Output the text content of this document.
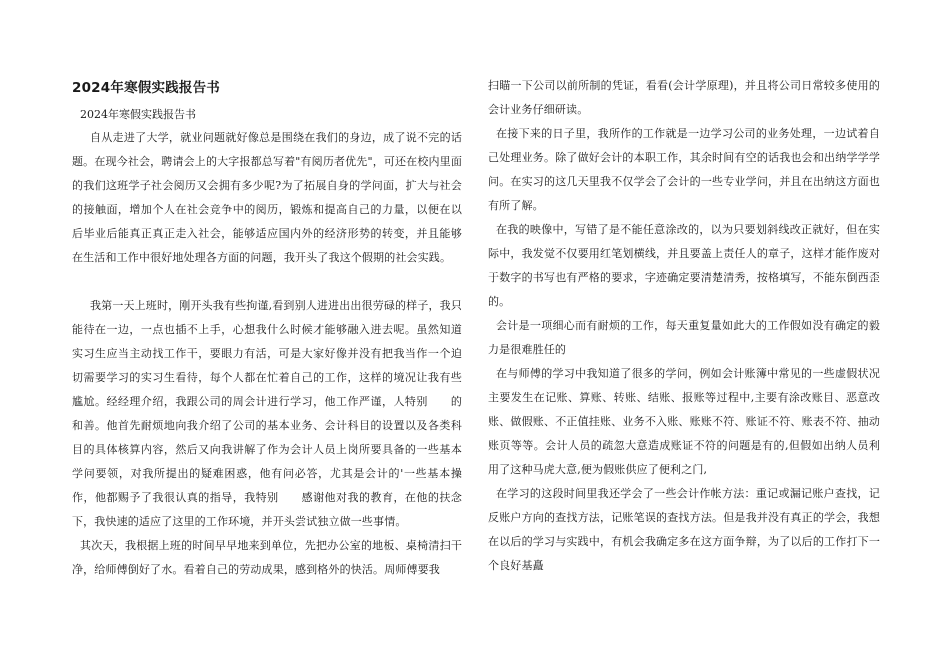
2024年寒假实践报告书

2024年寒假实践报告书

自从走进了大学，就业问题就好像总是围绕在我们的身边，成了说不完的话题。在现今社会，聘请会上的大字报都总写着"有阅历者优先"，可还在校内里面的我们这班学子社会阅历又会拥有多少呢?为了拓展自身的学问面，扩大与社会的接触面，增加个人在社会竞争中的阅历，锻炼和提高自己的力量，以便在以后毕业后能真正真正走入社会，能够适应国内外的经济形势的转变，并且能够在生活和工作中很好地处理各方面的问题，我开头了我这个假期的社会实践。

我第一天上班时，刚开头我有些拘谨,看到别人进进出出很劳碌的样子，我只能待在一边，一点也插不上手，心想我什么时候才能够融入进去呢。虽然知道实习生应当主动找工作干，要眼力有活，可是大家好像并没有把我当作一个迫切需要学习的实习生看待，每个人都在忙着自己的工作，这样的境况让我有些尴尬。经经理介绍，我跟公司的周会计进行学习，他工作严谨，人特别　　的和善。他首先耐烦地向我介绍了公司的基本业务、会计科目的设置以及各类科目的具体核算内容，然后又向我讲解了作为会计人员上岗所要具备的一些基本学问要领，对我所提出的疑难困惑，他有问必答，尤其是会计的'一些基本操作，他都赐予了我很认真的指导，我特别　　感谢他对我的教育，在他的扶念下，我快速的适应了这里的工作环境，并开头尝试独立做一些事情。

其次天，我根据上班的时间早早地来到单位，先把办公室的地板、桌椅清扫干净，给师傅倒好了水。看着自己的劳动成果，感到格外的快活。周师傅要我

扫瞄一下公司以前所制的凭证，看看(会计学原理)，并且将公司日常较多使用的会计业务仔细研读。

在接下来的日子里，我所作的工作就是一边学习公司的业务处理，一边试着自己处理业务。除了做好会计的本职工作，其余时间有空的话我也会和出纳学学学问。在实习的这几天里我不仅学会了会计的一些专业学问，并且在出纳这方面也有所了解。

在我的映像中，写错了是不能任意涂改的，以为只要划斜线改正就好，但在实际中，我发觉不仅要用红笔划横线，并且要盖上责任人的章子，这样才能作废对于数字的书写也有严格的要求，字迹确定要清楚清秀，按格填写，不能东倒西歪的。

会计是一项细心而有耐烦的工作，每天重复量如此大的工作假如没有确定的毅力是很难胜任的

在与师傅的学习中我知道了很多的学问，例如会计账簿中常见的一些虚假状况主要发生在记账、算账、转账、结账、报账等过程中,主要有涂改账目、恶意改账、做假账、不正值挂账、业务不入账、账账不符、账证不符、账表不符、抽动账页等等。会计人员的疏忽大意造成账证不符的问题是有的,但假如出纳人员利用了这种马虎大意,便为假账供应了便利之门,

在学习的这段时间里我还学会了一些会计作帐方法：重记或漏记账户查找，记反账户方向的查找方法，记账笔误的查找方法。但是我并没有真正的学会，我想在以后的学习与实践中，有机会我确定多在这方面争辩，为了以后的工作打下一个良好基矗
